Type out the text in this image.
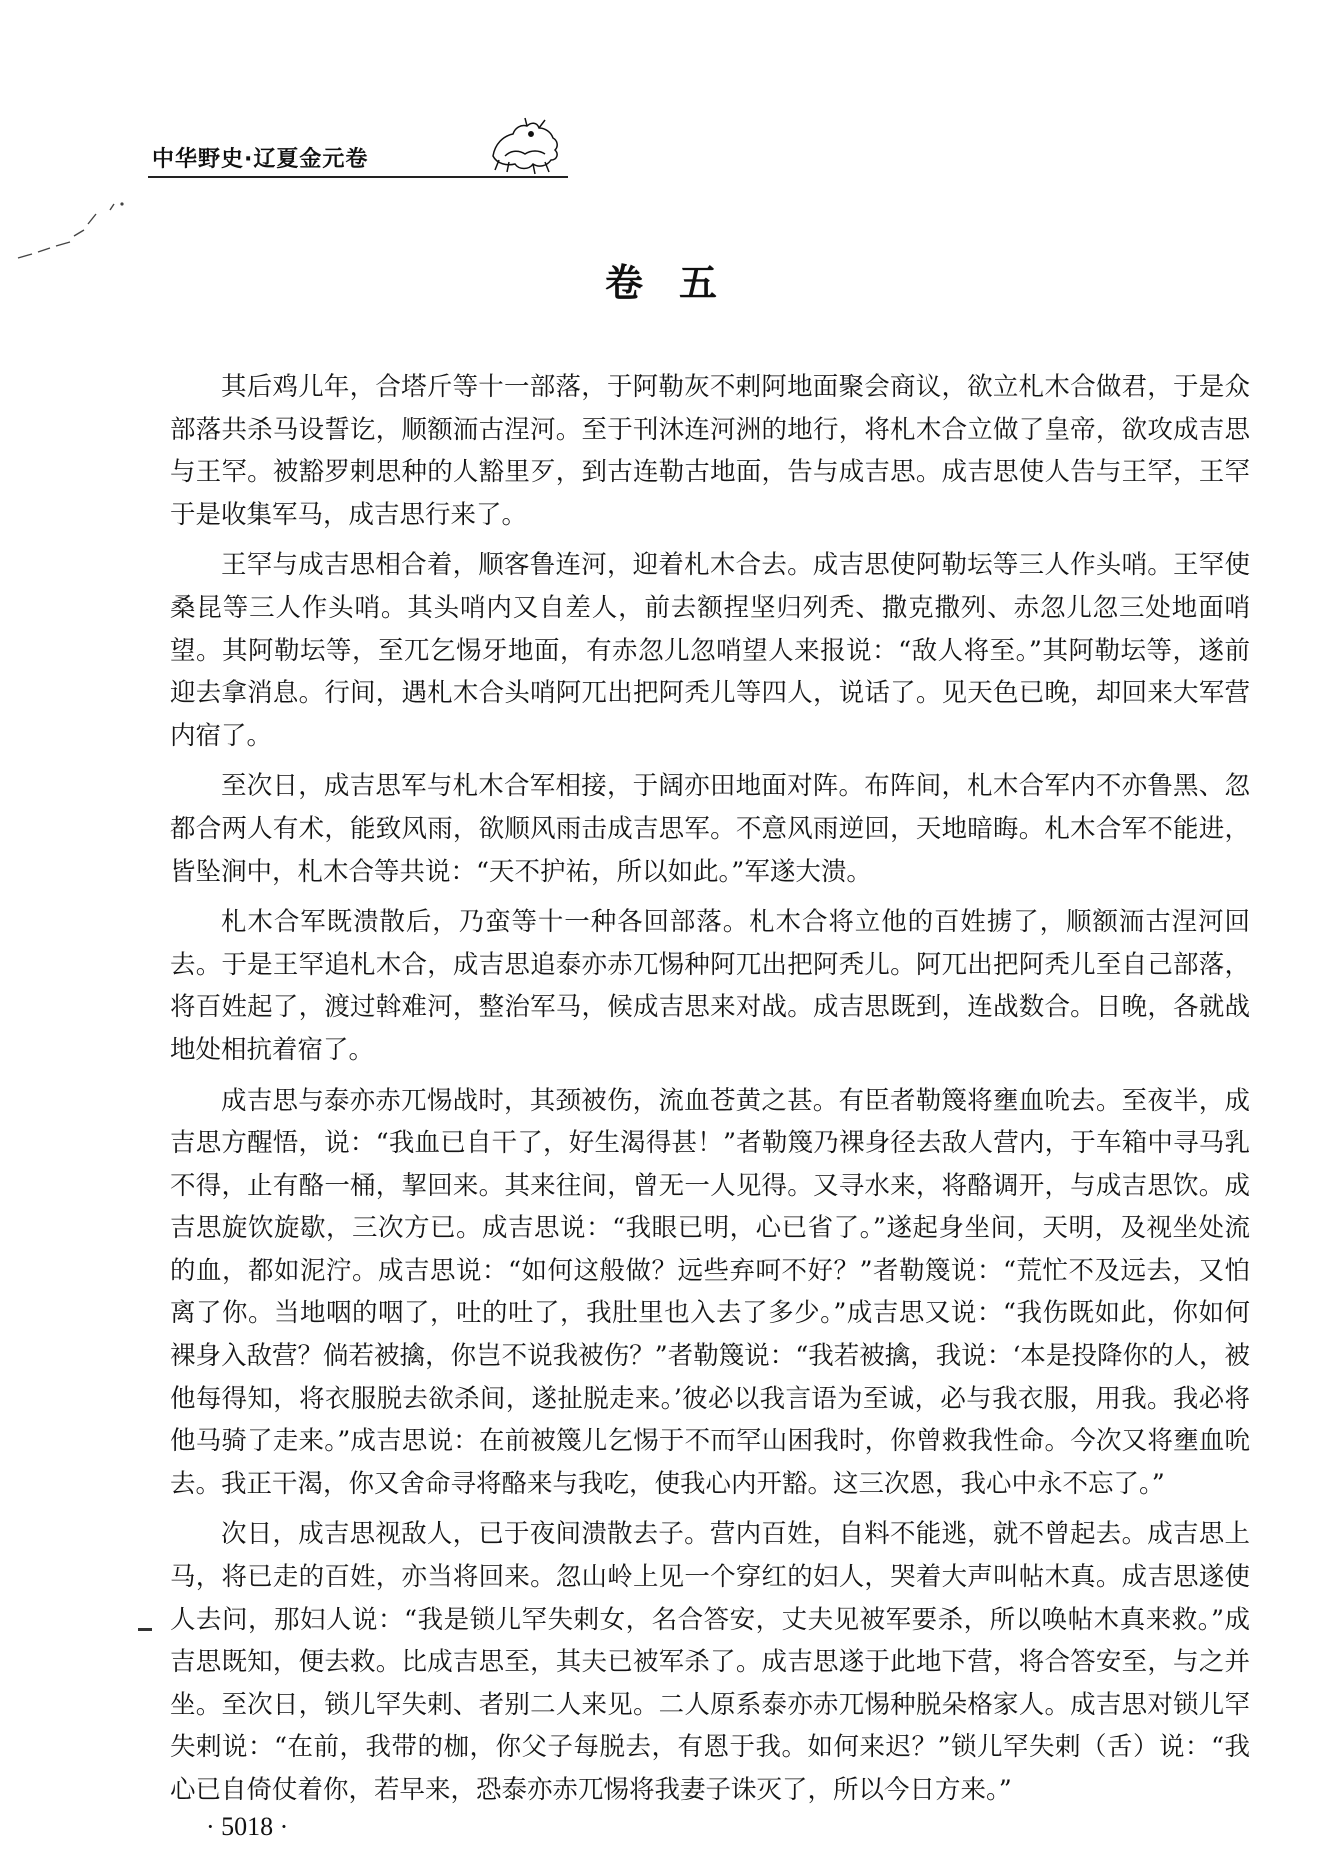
中华野史·辽夏金元卷
卷五

其后鸡儿年，合塔斤等十一部落，于阿勒灰不剌阿地面聚会商议，欲立札木合做君，于是众部落共杀马设誓讫，顺额洏古涅河。至于刊沐连河洲的地行，将札木合立做了皇帝，欲攻成吉思与王罕。被豁罗剌思种的人豁里歹，到古连勒古地面，告与成吉思。成吉思使人告与王罕，王罕于是收集军马，成吉思行来了。

王罕与成吉思相合着，顺客鲁连河，迎着札木合去。成吉思使阿勒坛等三人作头哨。王罕使桑昆等三人作头哨。其头哨内又自差人，前去额捏坚归列秃、撒克撒列、赤忽儿忽三处地面哨望。其阿勒坛等，至兀乞惕牙地面，有赤忽儿忽哨望人来报说：“敌人将至。”其阿勒坛等，遂前迎去拿消息。行间，遇札木合头哨阿兀出把阿秃儿等四人，说话了。见天色已晚，却回来大军营内宿了。

至次日，成吉思军与札木合军相接，于阔亦田地面对阵。布阵间，札木合军内不亦鲁黑、忽都合两人有术，能致风雨，欲顺风雨击成吉思军。不意风雨逆回，天地暗晦。札木合军不能进，皆坠涧中，札木合等共说：“天不护祐，所以如此。”军遂大溃。

札木合军既溃散后，乃蛮等十一种各回部落。札木合将立他的百姓掳了，顺额洏古涅河回去。于是王罕追札木合，成吉思追泰亦赤兀惕种阿兀出把阿秃儿。阿兀出把阿秃儿至自己部落，将百姓起了，渡过斡难河，整治军马，候成吉思来对战。成吉思既到，连战数合。日晚，各就战地处相抗着宿了。

成吉思与泰亦赤兀惕战时，其颈被伤，流血苍黄之甚。有臣者勒篾将壅血吮去。至夜半，成吉思方醒悟，说：“我血已自干了，好生渴得甚！”者勒篾乃裸身径去敌人营内，于车箱中寻马乳不得，止有酪一桶，挈回来。其来往间，曾无一人见得。又寻水来，将酪调开，与成吉思饮。成吉思旋饮旋歇，三次方已。成吉思说：“我眼已明，心已省了。”遂起身坐间，天明，及视坐处流的血，都如泥泞。成吉思说：“如何这般做？远些弃呵不好？”者勒篾说：“荒忙不及远去，又怕离了你。当地咽的咽了，吐的吐了，我肚里也入去了多少。”成吉思又说：“我伤既如此，你如何裸身入敌营？倘若被擒，你岂不说我被伤？”者勒篾说：“我若被擒，我说：‘本是投降你的人，被他每得知，将衣服脱去欲杀间，遂扯脱走来。’彼必以我言语为至诚，必与我衣服，用我。我必将他马骑了走来。”成吉思说：在前被篾儿乞惕于不而罕山困我时，你曾救我性命。今次又将壅血吮去。我正干渴，你又舍命寻将酪来与我吃，使我心内开豁。这三次恩，我心中永不忘了。”

次日，成吉思视敌人，已于夜间溃散去子。营内百姓，自料不能逃，就不曾起去。成吉思上马，将已走的百姓，亦当将回来。忽山岭上见一个穿红的妇人，哭着大声叫帖木真。成吉思遂使人去问，那妇人说：“我是锁儿罕失剌女，名合答安，丈夫见被军要杀，所以唤帖木真来救。”成吉思既知，便去救。比成吉思至，其夫已被军杀了。成吉思遂于此地下营，将合答安至，与之并坐。至次日，锁儿罕失剌、者别二人来见。二人原系泰亦赤兀惕种脱朵格家人。成吉思对锁儿罕失剌说：“在前，我带的枷，你父子每脱去，有恩于我。如何来迟？”锁儿罕失剌（舌）说：“我心已自倚仗着你，若早来，恐泰亦赤兀惕将我妻子诛灭了，所以今日方来。”

· 5018 ·
